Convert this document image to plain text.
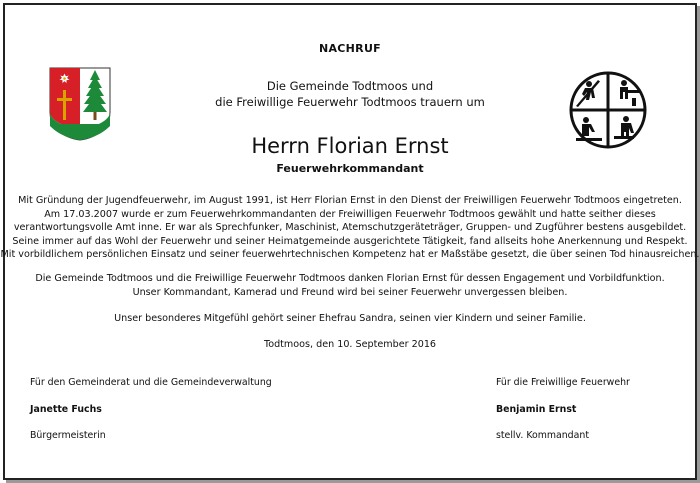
NACHRUF
Die Gemeinde Todtmoos und
die Freiwillige Feuerwehr Todtmoos trauern um
Herrn Florian Ernst
Feuerwehrkommandant
Mit Gründung der Jugendfeuerwehr, im August 1991, ist Herr Florian Ernst in den Dienst der Freiwilligen Feuerwehr Todtmoos eingetreten.
Am 17.03.2007 wurde er zum Feuerwehrkommandanten der Freiwilligen Feuerwehr Todtmoos gewählt und hatte seither dieses
verantwortungsvolle Amt inne. Er war als Sprechfunker, Maschinist, Atemschutzgeräteträger, Gruppen- und Zugführer bestens ausgebildet.
Seine immer auf das Wohl der Feuerwehr und seiner Heimatgemeinde ausgerichtete Tätigkeit, fand allseits hohe Anerkennung und Respekt.
Mit vorbildlichem persönlichen Einsatz und seiner feuerwehrtechnischen Kompetenz hat er Maßstäbe gesetzt, die über seinen Tod hinausreichen.
Die Gemeinde Todtmoos und die Freiwillige Feuerwehr Todtmoos danken Florian Ernst für dessen Engagement und Vorbildfunktion.
Unser Kommandant, Kamerad und Freund wird bei seiner Feuerwehr unvergessen bleiben.
Unser besonderes Mitgefühl gehört seiner Ehefrau Sandra, seinen vier Kindern und seiner Familie.
Todtmoos, den 10. September 2016
Für den Gemeinderat und die Gemeindeverwaltung
Janette Fuchs
Bürgermeisterin
Für die Freiwillige Feuerwehr
Benjamin Ernst
stellv. Kommandant
